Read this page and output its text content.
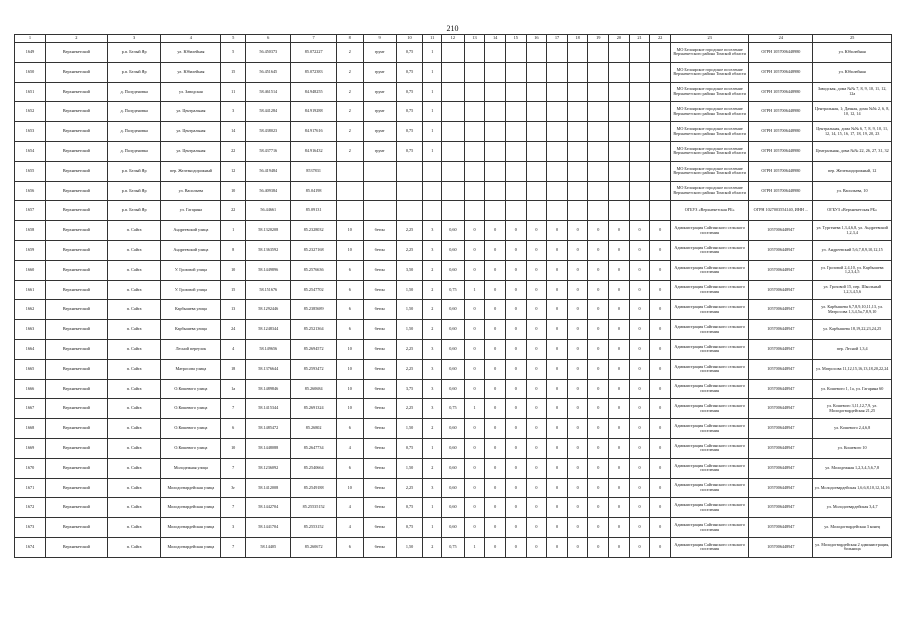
210
1	2	3	4	5	6	7	8	9	10	11	12	13	14	15	16	17	18	19	20	21	22	23	24	25
1649	Верхнекетский	р.п. Белый Яр	ул. Юбилейная	5	56.450373	85.072227	2	грунт	0,75	1												МО Белоярское городское поселение Верхнекетского района Томской области	ОГРН 1057006448980	ул. Юбилейная
1650	Верхнекетский	р.п. Белый Яр	ул. Юбилейная	15	56.451645	85.072383	2	грунт	0,75	1												МО Белоярское городское поселение Верхнекетского района Томской области	ОГРН 1057006448980	ул. Юбилейная
1651	Верхнекетский	д. Полуденовка	ул. Заводская	11	58.461514	84.948255	2	грунт	0,75	1												МО Белоярское городское поселение Верхнекетского района Томской области	ОГРН 1057006448980	Заводская, дома №№ 7, 8, 9, 10, 11, 12, 12а
1652	Верхнекетский	д. Полуденовка	ул. Центральная	3	58.441284	84.919288	2	грунт	0,75	1												МО Белоярское городское поселение Верхнекетского района Томской области	ОГРН 1057006448980	Центральная, 1; Дачная, дома №№ 2, 6, 8, 10, 12, 14
1653	Верхнекетский	д. Полуденовка	ул. Центральная	14	58.438023	84.917616	2	грунт	0,75	1												МО Белоярское городское поселение Верхнекетского района Томской области	ОГРН 1057006448980	Центральная, дома №№ 6, 7, 8, 9, 10, 11, 12, 14, 15, 16, 17, 18, 19, 20, 23
1654	Верхнекетский	д. Полуденовка	ул. Центральная	22	58.437716	84.916432	2	грунт	0,75	1												МО Белоярское городское поселение Верхнекетского района Томской области	ОГРН 1057006448980	Центральная, дома №№ 22, 26, 27, 31, 32
1655	Верхнекетский	р.п. Белый Яр	пер. Железнодорожный	12	56.419484	8537831																МО Белоярское городское поселение Верхнекетского района Томской области	ОГРН 1057006448980	пер. Железнодорожный, 12
1656	Верхнекетский	р.п. Белый Яр	ул. Васильева	10	56.409384	85.04198																МО Белоярское городское поселение Верхнекетского района Томской области	ОГРН 1057006448980	ул. Васильева, 10
1657	Верхнекетский	р.п. Белый Яр	ул. Гагарина	22	56.44661	85.09131																ОГБУЗ «Верхнекетская РБ»	ОГРН 1027003554140, ИНН ...	ОГБУЗ «Верхнекетская РБ»
1658	Верхнекетский	п. Сайга	Андреевский улица	1	58.1320208	85.2328032	10	бетон	2,25	3	0,60	0	0	0	0	0	0	0	0	0	0	Администрация Сайгинского сельского поселения	1057006448947	ул. Тургенева 1,3,4,6,8, ул. Андреевский 1,2,3,4
1659	Верхнекетский	п. Сайга	Андреевский улица	8	58.1363592	85.2327168	10	бетон	2,25	3	0,60	0	0	0	0	0	0	0	0	0	0	Администрация Сайгинского сельского поселения	1057006448947	ул. Андреевский 5,6,7,8,9,10,12,15
1660	Верхнекетский	п. Сайга	У. Грозовой улица	10	58.1449896	85.2576636	6	бетон	3,50	2	0,60	0	0	0	0	0	0	0	0	0	0	Администрация Сайгинского сельского поселения	1057006448947	ул. Грозовой 2,4,10, ул. Карбышева 1,2,3,4,5
1661	Верхнекетский	п. Сайга	У. Грозовой улица	15	58.151676	85.2547702	6	бетон	1,50	2	0,75	1	0	0	0	0	0	0	0	0	0	Администрация Сайгинского сельского поселения	1057006448947	ул. Грозовой 15, пер. Школьный 1,2,3,4,5,6
1662	Верхнекетский	п. Сайга	Карбышева улица	13	58.1292446	85.2385689	6	бетон	1,50	2	0,60	0	0	0	0	0	0	0	0	0	0	Администрация Сайгинского сельского поселения	1057006448947	ул. Карбышева 6,7,8,9,10,11,13, ул. Матросова 1,3,4,5а,7,8,9,10
1663	Верхнекетский	п. Сайга	Карбышева улица	24	58.1248344	85.2521364	6	бетон	1,50	2	0,60	0	0	0	0	0	0	0	0	0	0	Администрация Сайгинского сельского поселения	1057006448947	ул. Карбышева 18,19,22,23,24,25
1664	Верхнекетский	п. Сайга	Лесной переулок	4	58.149656	85.2694572	10	бетон	2,25	3	0,60	0	0	0	0	0	0	0	0	0	0	Администрация Сайгинского сельского поселения	1057006448947	пер. Лесной 1,3,4
1665	Верхнекетский	п. Сайга	Матросова улица	18	58.1376644	85.2593472	10	бетон	2,25	3	0,60	0	0	0	0	0	0	0	0	0	0	Администрация Сайгинского сельского поселения	1057006448947	ул. Матросова 11,12,15,16,13,18,20,22,24
1666	Верхнекетский	п. Сайга	О.Кошевого улица	1а	58.1489846	85.260684	10	бетон	3,75	3	0,60	0	0	0	0	0	0	0	0	0	0	Администрация Сайгинского сельского поселения	1057006448947	ул. Кошевого 1, 1а, ул. Гагарина 60
1667	Верхнекетский	п. Сайга	О.Кошевого улица	7	58.1415344	85.2691324	10	бетон	2,25	3	0,75	1	0	0	0	0	0	0	0	0	0	Администрация Сайгинского сельского поселения	1057006448947	ул. Кошевого 3,11,12,7,9, ул. Молодогвардейская 21,25
1668	Верхнекетский	п. Сайга	О.Кошевого улица	6	58.1485472	85.26802	6	бетон	1,50	2	0,60	0	0	0	0	0	0	0	0	0	0	Администрация Сайгинского сельского поселения	1057006448947	ул. Кошевого 2,4,6,8
1669	Верхнекетский	п. Сайга	О.Кошевого улица	10	58.1448088	85.2647734	4	бетон	0,75	1	0,60	0	0	0	0	0	0	0	0	0	0	Администрация Сайгинского сельского поселения	1057006448947	ул. Кошевого 10
1670	Верхнекетский	п. Сайга	Молодежная улица	7	58.1236092	85.2540664	6	бетон	1,50	2	0,60	0	0	0	0	0	0	0	0	0	0	Администрация Сайгинского сельского поселения	1057006448947	ул. Молодежная 1,2,3,4,5,6,7,8
1671	Верхнекетский	п. Сайга	Молодогвардейская улица	3г	58.1412008	85.2549188	10	бетон	2,25	3	0,60	0	0	0	0	0	0	0	0	0	0	Администрация Сайгинского сельского поселения	1057006448947	ул. Молодогвардейская 1,6,6,8,10,12,14,16
1672	Верхнекетский	п. Сайга	Молодогвардейская улица	7	58.1442704	85.25535152	4	бетон	0,75	1	0,60	0	0	0	0	0	0	0	0	0	0	Администрация Сайгинского сельского поселения	1057006448947	ул. Молодогвардейская 3,4,7
1673	Верхнекетский	п. Сайга	Молодогвардейская улица	3	58.1441704	85.2553152	4	бетон	0,75	1	0,60	0	0	0	0	0	0	0	0	0	0	Администрация Сайгинского сельского поселения	1057006448947	ул. Молодогвардейская 3 конец
1674	Верхнекетский	п. Сайга	Молодогвардейская улица	7	58.14405	85.260672	6	бетон	1,50	2	0,75	1	0	0	0	0	0	0	0	0	0	Администрация Сайгинского сельского поселения	1057006448947	ул. Молодогвардейская 2 администрация, больница
